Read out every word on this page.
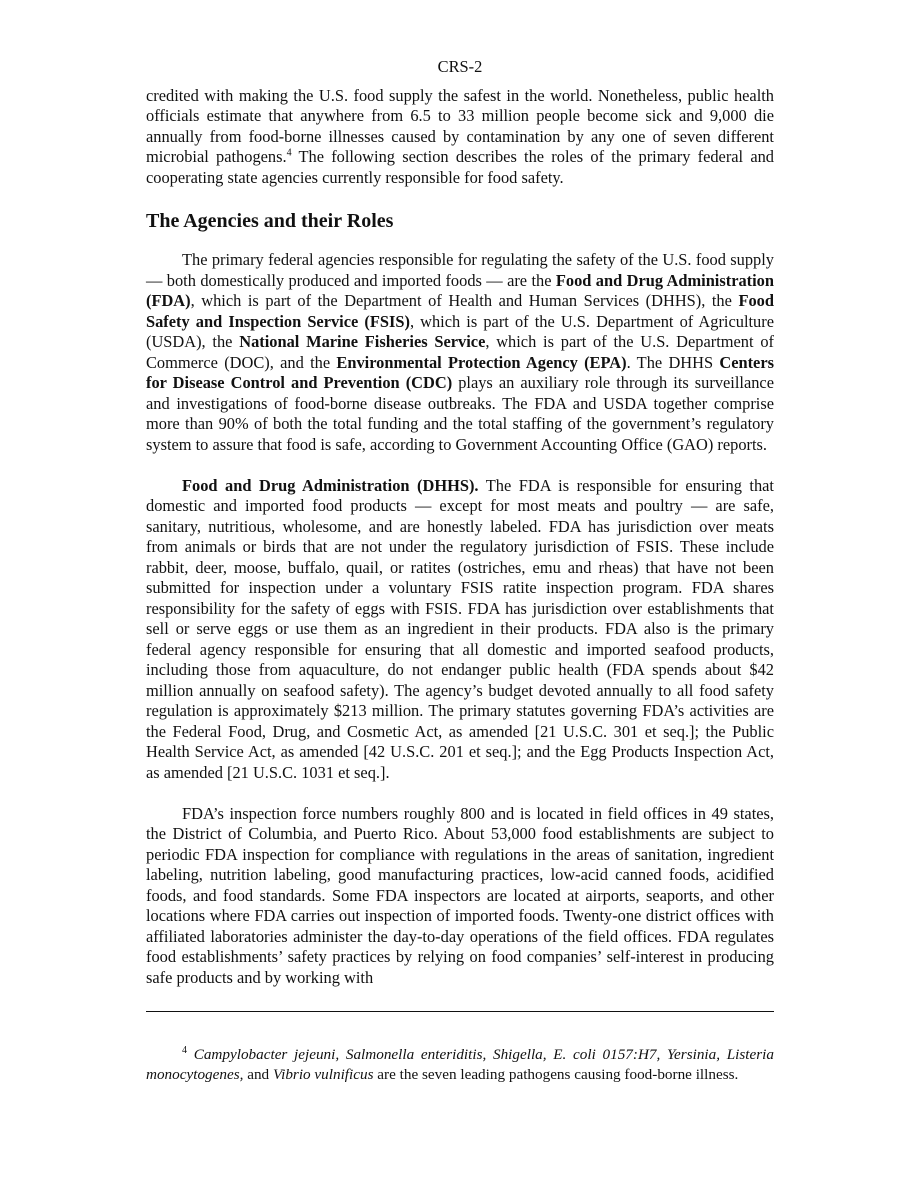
CRS-2

credited with making the U.S. food supply the safest in the world. Nonetheless, public health officials estimate that anywhere from 6.5 to 33 million people become sick and 9,000 die annually from food-borne illnesses caused by contamination by any one of seven different microbial pathogens.$^4$ The following section describes the roles of the primary federal and cooperating state agencies currently responsible for food safety.

The Agencies and their Roles

The primary federal agencies responsible for regulating the safety of the U.S. food supply — both domestically produced and imported foods — are the Food and Drug Administration (FDA), which is part of the Department of Health and Human Services (DHHS), the Food Safety and Inspection Service (FSIS), which is part of the U.S. Department of Agriculture (USDA), the National Marine Fisheries Service, which is part of the U.S. Department of Commerce (DOC), and the Environmental Protection Agency (EPA). The DHHS Centers for Disease Control and Prevention (CDC) plays an auxiliary role through its surveillance and investigations of food-borne disease outbreaks. The FDA and USDA together comprise more than 90% of both the total funding and the total staffing of the government’s regulatory system to assure that food is safe, according to Government Accounting Office (GAO) reports.

Food and Drug Administration (DHHS). The FDA is responsible for ensuring that domestic and imported food products — except for most meats and poultry — are safe, sanitary, nutritious, wholesome, and are honestly labeled. FDA has jurisdiction over meats from animals or birds that are not under the regulatory jurisdiction of FSIS. These include rabbit, deer, moose, buffalo, quail, or ratites (ostriches, emu and rheas) that have not been submitted for inspection under a voluntary FSIS ratite inspection program. FDA shares responsibility for the safety of eggs with FSIS. FDA has jurisdiction over establishments that sell or serve eggs or use them as an ingredient in their products. FDA also is the primary federal agency responsible for ensuring that all domestic and imported seafood products, including those from aquaculture, do not endanger public health (FDA spends about $42 million annually on seafood safety). The agency’s budget devoted annually to all food safety regulation is approximately $213 million. The primary statutes governing FDA’s activities are the Federal Food, Drug, and Cosmetic Act, as amended [21 U.S.C. 301 et seq.]; the Public Health Service Act, as amended [42 U.S.C. 201 et seq.]; and the Egg Products Inspection Act, as amended [21 U.S.C. 1031 et seq.].

FDA’s inspection force numbers roughly 800 and is located in field offices in 49 states, the District of Columbia, and Puerto Rico. About 53,000 food establishments are subject to periodic FDA inspection for compliance with regulations in the areas of sanitation, ingredient labeling, nutrition labeling, good manufacturing practices, low-acid canned foods, acidified foods, and food standards. Some FDA inspectors are located at airports, seaports, and other locations where FDA carries out inspection of imported foods. Twenty-one district offices with affiliated laboratories administer the day-to-day operations of the field offices. FDA regulates food establishments’ safety practices by relying on food companies’ self-interest in producing safe products and by working with

$^4$ Campylobacter jejeuni, Salmonella enteriditis, Shigella, E. coli 0157:H7, Yersinia, Listeria monocytogenes, and Vibrio vulnificus are the seven leading pathogens causing food-borne illness.
